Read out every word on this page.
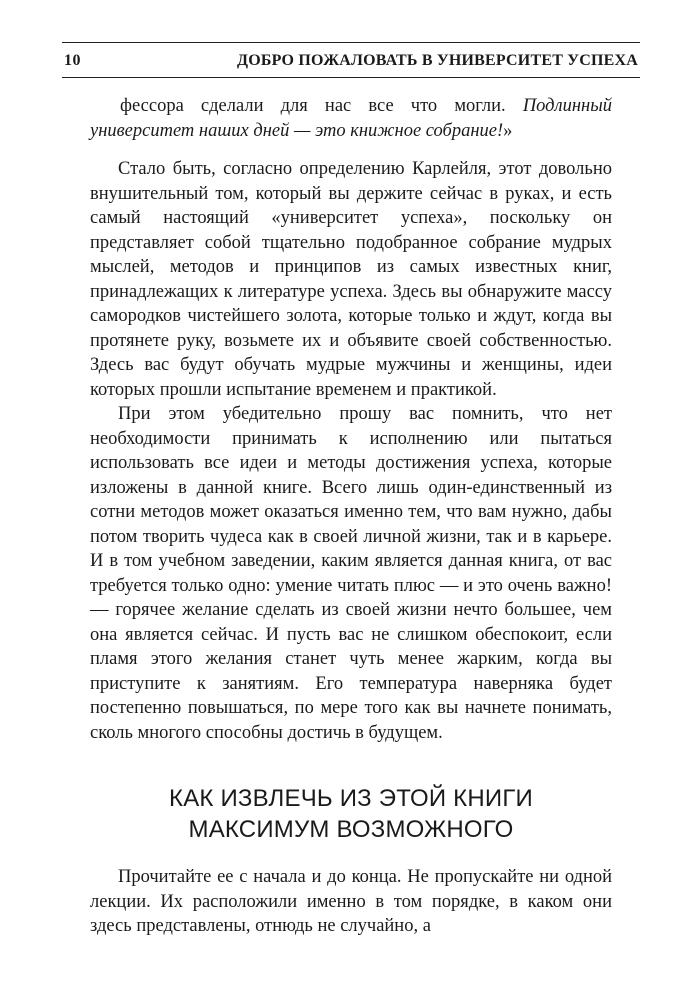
10	ДОБРО ПОЖАЛОВАТЬ В УНИВЕРСИТЕТ УСПЕХА

фессора сделали для нас все что могли. Подлинный университет наших дней — это книжное собрание!»

Стало быть, согласно определению Карлейля, этот довольно внушительный том, который вы держите сейчас в руках, и есть самый настоящий «университет успеха», поскольку он представляет собой тщательно подобранное собрание мудрых мыслей, методов и принципов из самых известных книг, принадлежащих к литературе успеха. Здесь вы обнаружите массу самородков чистейшего золота, которые только и ждут, когда вы протянете руку, возьмете их и объявите своей собственностью. Здесь вас будут обучать мудрые мужчины и женщины, идеи которых прошли испытание временем и практикой.

При этом убедительно прошу вас помнить, что нет необходимости принимать к исполнению или пытаться использовать все идеи и методы достижения успеха, которые изложены в данной книге. Всего лишь один-единственный из сотни методов может оказаться именно тем, что вам нужно, дабы потом творить чудеса как в своей личной жизни, так и в карьере. И в том учебном заведении, каким является данная книга, от вас требуется только одно: умение читать плюс — и это очень важно! — горячее желание сделать из своей жизни нечто большее, чем она является сейчас. И пусть вас не слишком обеспокоит, если пламя этого желания станет чуть менее жарким, когда вы приступите к занятиям. Его температура наверняка будет постепенно повышаться, по мере того как вы начнете понимать, сколь многого способны достичь в будущем.

КАК ИЗВЛЕЧЬ ИЗ ЭТОЙ КНИГИ
МАКСИМУМ ВОЗМОЖНОГО

Прочитайте ее с начала и до конца. Не пропускайте ни одной лекции. Их расположили именно в том порядке, в каком они здесь представлены, отнюдь не случайно, а
